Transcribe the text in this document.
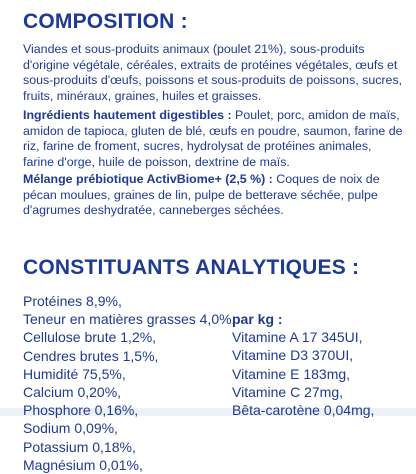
COMPOSITION :
Viandes et sous-produits animaux (poulet 21%), sous-produits d'origine végétale, céréales, extraits de protéines végétales, œufs et sous-produits d'œufs, poissons et sous-produits de poissons, sucres, fruits, minéraux, graines, huiles et graisses.
Ingrédients hautement digestibles : Poulet, porc, amidon de maïs, amidon de tapioca, gluten de blé, œufs en poudre, saumon, farine de riz, farine de froment, sucres, hydrolysat de protéines animales, farine d'orge, huile de poisson, dextrine de maïs.
Mélange prébiotique ActivBiome+ (2,5 %) : Coques de noix de pécan moulues, graines de lin, pulpe de betterave séchée, pulpe d'agrumes deshydratée, canneberges séchées.
CONSTITUANTS ANALYTIQUES :
Protéines 8,9%,
Teneur en matières grasses 4,0%,
Cellulose brute 1,2%,
Cendres brutes 1,5%,
Humidité 75,5%,
Calcium 0,20%,
Phosphore 0,16%,
Sodium 0,09%,
Potassium 0,18%,
Magnésium 0,01%,
par kg :
Vitamine A 17 345UI,
Vitamine D3 370UI,
Vitamine E 183mg,
Vitamine C 27mg,
Bêta-carotène 0,04mg,
